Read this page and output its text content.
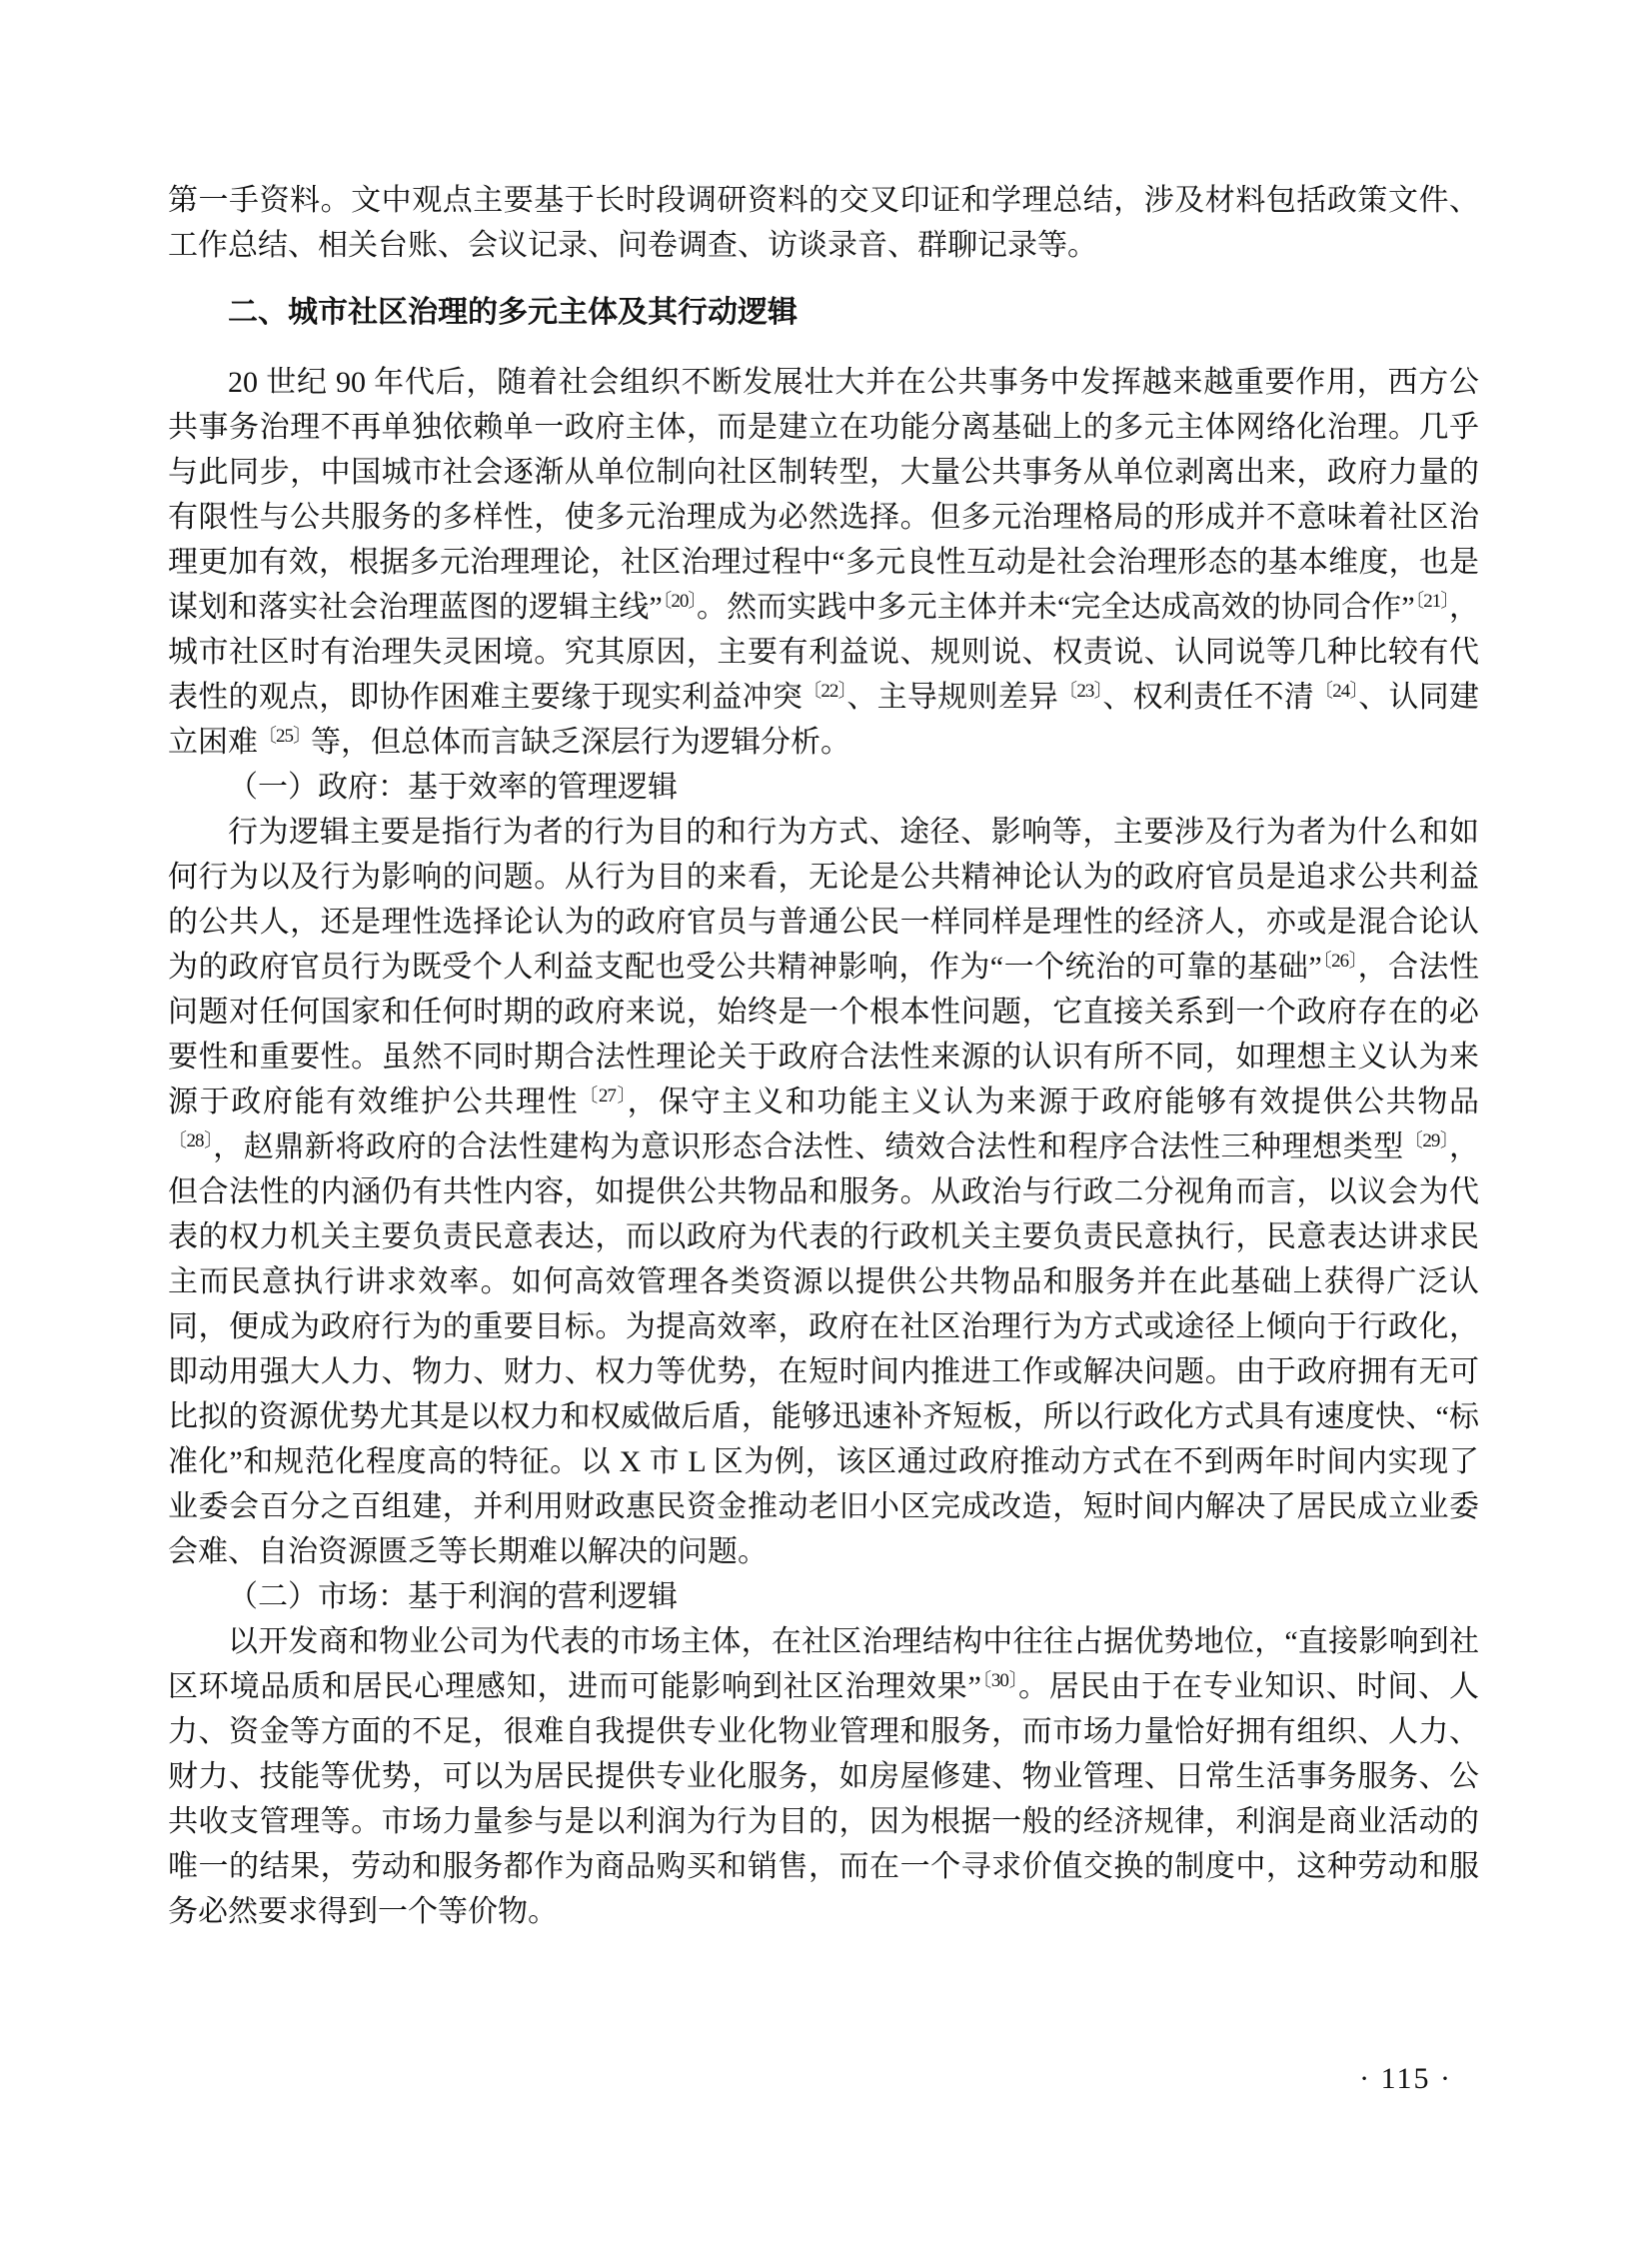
第一手资料。文中观点主要基于长时段调研资料的交叉印证和学理总结，涉及材料包括政策文件、工作总结、相关台账、会议记录、问卷调查、访谈录音、群聊记录等。

二、城市社区治理的多元主体及其行动逻辑

20 世纪 90 年代后，随着社会组织不断发展壮大并在公共事务中发挥越来越重要作用，西方公共事务治理不再单独依赖单一政府主体，而是建立在功能分离基础上的多元主体网络化治理。几乎与此同步，中国城市社会逐渐从单位制向社区制转型，大量公共事务从单位剥离出来，政府力量的有限性与公共服务的多样性，使多元治理成为必然选择。但多元治理格局的形成并不意味着社区治理更加有效，根据多元治理理论，社区治理过程中“多元良性互动是社会治理形态的基本维度，也是谋划和落实社会治理蓝图的逻辑主线”$^{〔20〕}$。然而实践中多元主体并未“完全达成高效的协同合作”$^{〔21〕}$，城市社区时有治理失灵困境。究其原因，主要有利益说、规则说、权责说、认同说等几种比较有代表性的观点，即协作困难主要缘于现实利益冲突$^{〔22〕}$、主导规则差异$^{〔23〕}$、权利责任不清$^{〔24〕}$、认同建立困难$^{〔25〕}$等，但总体而言缺乏深层行为逻辑分析。

（一）政府：基于效率的管理逻辑

行为逻辑主要是指行为者的行为目的和行为方式、途径、影响等，主要涉及行为者为什么和如何行为以及行为影响的问题。从行为目的来看，无论是公共精神论认为的政府官员是追求公共利益的公共人，还是理性选择论认为的政府官员与普通公民一样同样是理性的经济人，亦或是混合论认为的政府官员行为既受个人利益支配也受公共精神影响，作为“一个统治的可靠的基础”$^{〔26〕}$，合法性问题对任何国家和任何时期的政府来说，始终是一个根本性问题，它直接关系到一个政府存在的必要性和重要性。虽然不同时期合法性理论关于政府合法性来源的认识有所不同，如理想主义认为来源于政府能有效维护公共理性$^{〔27〕}$，保守主义和功能主义认为来源于政府能够有效提供公共物品$^{〔28〕}$，赵鼎新将政府的合法性建构为意识形态合法性、绩效合法性和程序合法性三种理想类型$^{〔29〕}$，但合法性的内涵仍有共性内容，如提供公共物品和服务。从政治与行政二分视角而言，以议会为代表的权力机关主要负责民意表达，而以政府为代表的行政机关主要负责民意执行，民意表达讲求民主而民意执行讲求效率。如何高效管理各类资源以提供公共物品和服务并在此基础上获得广泛认同，便成为政府行为的重要目标。为提高效率，政府在社区治理行为方式或途径上倾向于行政化，即动用强大人力、物力、财力、权力等优势，在短时间内推进工作或解决问题。由于政府拥有无可比拟的资源优势尤其是以权力和权威做后盾，能够迅速补齐短板，所以行政化方式具有速度快、“标准化”和规范化程度高的特征。以 X 市 L 区为例，该区通过政府推动方式在不到两年时间内实现了业委会百分之百组建，并利用财政惠民资金推动老旧小区完成改造，短时间内解决了居民成立业委会难、自治资源匮乏等长期难以解决的问题。

（二）市场：基于利润的营利逻辑

以开发商和物业公司为代表的市场主体，在社区治理结构中往往占据优势地位，“直接影响到社区环境品质和居民心理感知，进而可能影响到社区治理效果”$^{〔30〕}$。居民由于在专业知识、时间、人力、资金等方面的不足，很难自我提供专业化物业管理和服务，而市场力量恰好拥有组织、人力、财力、技能等优势，可以为居民提供专业化服务，如房屋修建、物业管理、日常生活事务服务、公共收支管理等。市场力量参与是以利润为行为目的，因为根据一般的经济规律，利润是商业活动的唯一的结果，劳动和服务都作为商品购买和销售，而在一个寻求价值交换的制度中，这种劳动和服务必然要求得到一个等价物。

· 115 ·
